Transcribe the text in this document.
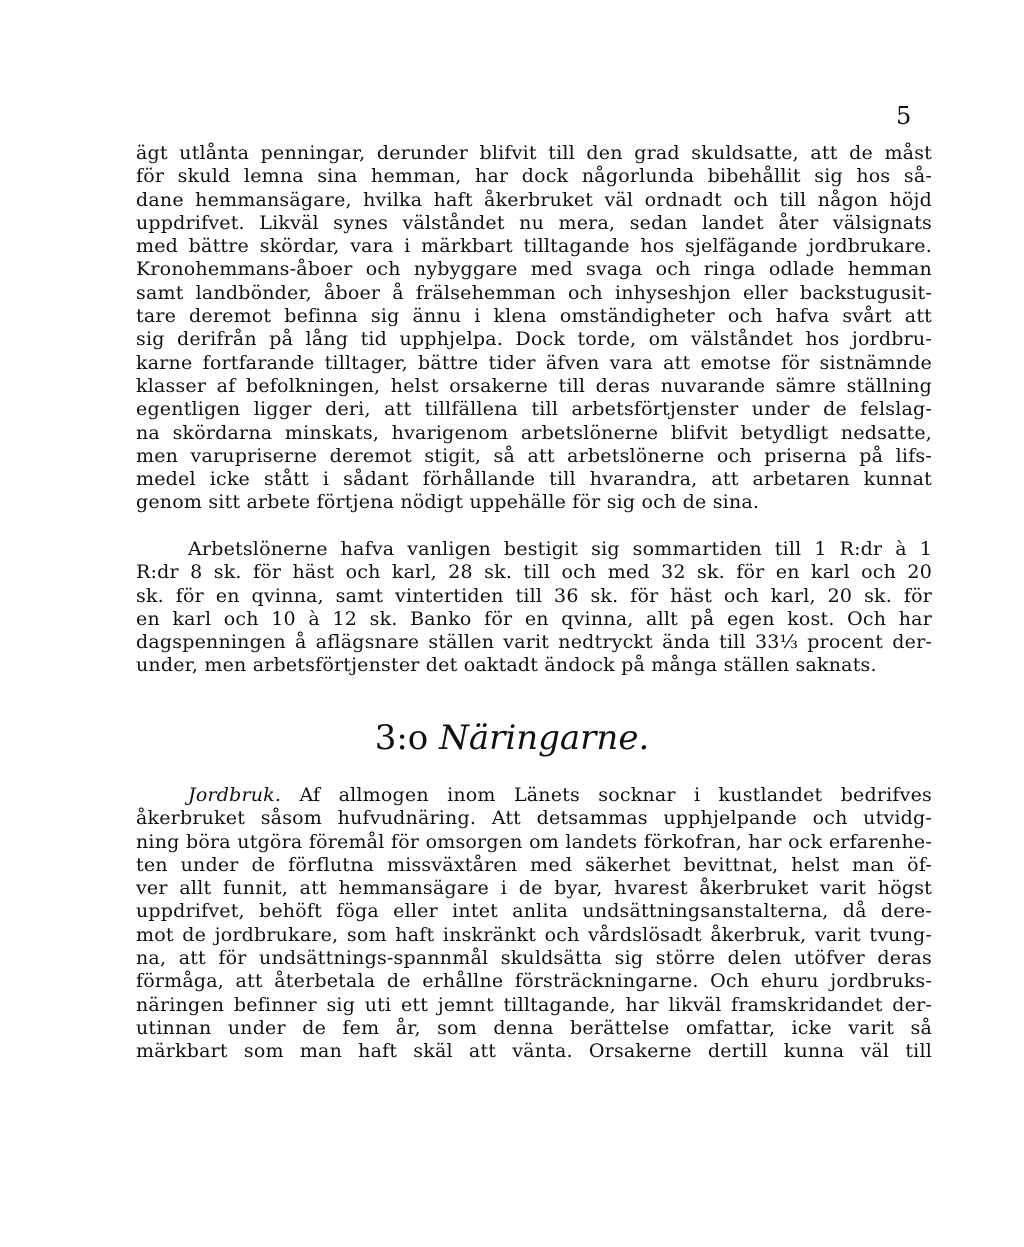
5
ägt utlånta penningar, derunder blifvit till den grad skuldsatte, att de måst
för skuld lemna sina hemman, har dock någorlunda bibehållit sig hos så-
dane hemmansägare, hvilka haft åkerbruket väl ordnadt och till någon höjd
uppdrifvet. Likväl synes välståndet nu mera, sedan landet åter välsignats
med bättre skördar, vara i märkbart tilltagande hos sjelfägande jordbrukare.
Kronohemmans-åboer och nybyggare med svaga och ringa odlade hemman
samt landbönder, åboer å frälsehemman och inhyseshjon eller backstugusit-
tare deremot befinna sig ännu i klena omständigheter och hafva svårt att
sig derifrån på lång tid upphjelpa. Dock torde, om välståndet hos jordbru-
karne fortfarande tilltager, bättre tider äfven vara att emotse för sistnämnde
klasser af befolkningen, helst orsakerne till deras nuvarande sämre ställning
egentligen ligger deri, att tillfällena till arbetsförtjenster under de felslag-
na skördarna minskats, hvarigenom arbetslönerne blifvit betydligt nedsatte,
men varupriserne deremot stigit, så att arbetslönerne och priserna på lifs-
medel icke stått i sådant förhållande till hvarandra, att arbetaren kunnat
genom sitt arbete förtjena nödigt uppehälle för sig och de sina.
Arbetslönerne hafva vanligen bestigit sig sommartiden till 1 R:dr à 1
R:dr 8 sk. för häst och karl, 28 sk. till och med 32 sk. för en karl och 20
sk. för en qvinna, samt vintertiden till 36 sk. för häst och karl, 20 sk. för
en karl och 10 à 12 sk. Banko för en qvinna, allt på egen kost. Och har
dagspenningen å aflägsnare ställen varit nedtryckt ända till 33⅓ procent der-
under, men arbetsförtjenster det oaktadt ändock på många ställen saknats.
3:o Näringarne.
Jordbruk. Af allmogen inom Länets socknar i kustlandet bedrifves
åkerbruket såsom hufvudnäring. Att detsammas upphjelpande och utvidg-
ning böra utgöra föremål för omsorgen om landets förkofran, har ock erfarenhe-
ten under de förflutna missväxtåren med säkerhet bevittnat, helst man öf-
ver allt funnit, att hemmansägare i de byar, hvarest åkerbruket varit högst
uppdrifvet, behöft föga eller intet anlita undsättningsanstalterna, då dere-
mot de jordbrukare, som haft inskränkt och vårdslösadt åkerbruk, varit tvung-
na, att för undsättnings-spannmål skuldsätta sig större delen utöfver deras
förmåga, att återbetala de erhållne försträckningarne. Och ehuru jordbruks-
näringen befinner sig uti ett jemnt tilltagande, har likväl framskridandet der-
utinnan under de fem år, som denna berättelse omfattar, icke varit så
märkbart som man haft skäl att vänta. Orsakerne dertill kunna väl till
